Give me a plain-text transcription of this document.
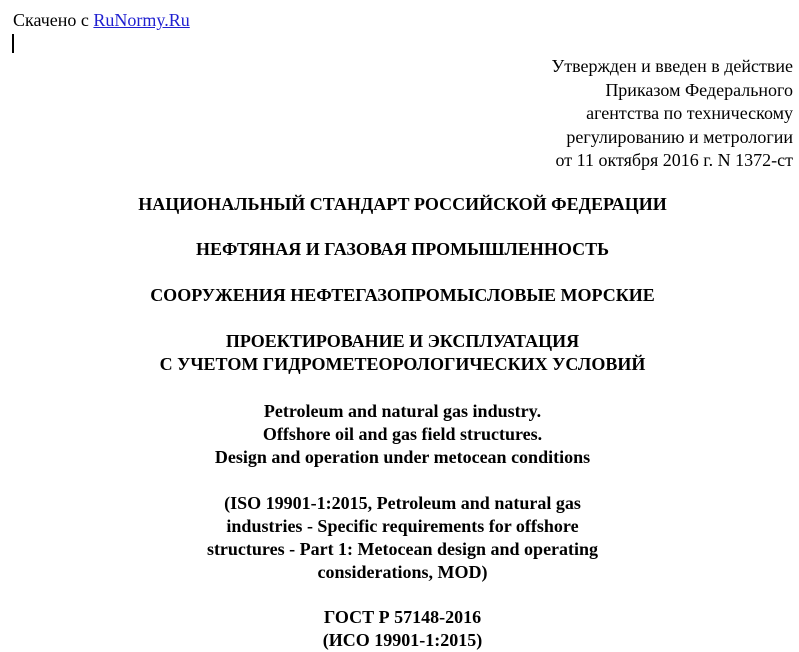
Скачено с RuNormy.Ru
Утвержден и введен в действие
Приказом Федерального
агентства по техническому
регулированию и метрологии
от 11 октября 2016 г. N 1372-ст
НАЦИОНАЛЬНЫЙ СТАНДАРТ РОССИЙСКОЙ ФЕДЕРАЦИИ
НЕФТЯНАЯ И ГАЗОВАЯ ПРОМЫШЛЕННОСТЬ
СООРУЖЕНИЯ НЕФТЕГАЗОПРОМЫСЛОВЫЕ МОРСКИЕ
ПРОЕКТИРОВАНИЕ И ЭКСПЛУАТАЦИЯ
С УЧЕТОМ ГИДРОМЕТЕОРОЛОГИЧЕСКИХ УСЛОВИЙ
Petroleum and natural gas industry.
Offshore oil and gas field structures.
Design and operation under metocean conditions
(ISO 19901-1:2015, Petroleum and natural gas
industries - Specific requirements for offshore
structures - Part 1: Metocean design and operating
considerations, MOD)
ГОСТ Р 57148-2016
(ИСО 19901-1:2015)
